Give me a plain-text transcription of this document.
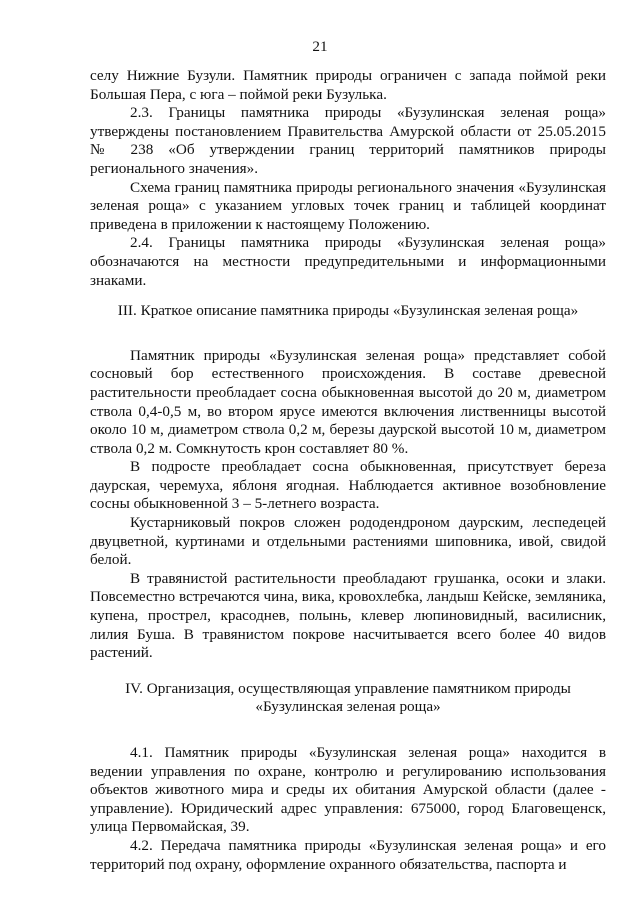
21

селу Нижние Бузули. Памятник природы ограничен с запада поймой реки Большая Пера, с юга – поймой реки Бузулька.

2.3. Границы памятника природы «Бузулинская зеленая роща» утверждены постановлением Правительства Амурской области от 25.05.2015 № 238 «Об утверждении границ территорий памятников природы регионального значения».

Схема границ памятника природы регионального значения «Бузулинская зеленая роща» с указанием угловых точек границ и таблицей координат приведена в приложении к настоящему Положению.

2.4. Границы памятника природы «Бузулинская зеленая роща» обозначаются на местности предупредительными и информационными знаками.

III. Краткое описание памятника природы «Бузулинская зеленая роща»

Памятник природы «Бузулинская зеленая роща» представляет собой сосновый бор естественного происхождения. В составе древесной растительности преобладает сосна обыкновенная высотой до 20 м, диаметром ствола 0,4-0,5 м, во втором ярусе имеются включения лиственницы высотой около 10 м, диаметром ствола 0,2 м, березы даурской высотой 10 м, диаметром ствола 0,2 м. Сомкнутость крон составляет 80 %.

В подросте преобладает сосна обыкновенная, присутствует береза даурская, черемуха, яблоня ягодная. Наблюдается активное возобновление сосны обыкновенной 3 – 5-летнего возраста.

Кустарниковый покров сложен рододендроном даурским, леспедецей двуцветной, куртинами и отдельными растениями шиповника, ивой, свидой белой.

В травянистой растительности преобладают грушанка, осоки и злаки. Повсеместно встречаются чина, вика, кровохлебка, ландыш Кейске, земляника, купена, прострел, красоднев, полынь, клевер люпиновидный, василисник, лилия Буша. В травянистом покрове насчитывается всего более 40 видов растений.

IV. Организация, осуществляющая управление памятником природы
«Бузулинская зеленая роща»

4.1. Памятник природы «Бузулинская зеленая роща» находится в ведении управления по охране, контролю и регулированию использования объектов животного мира и среды их обитания Амурской области (далее - управление). Юридический адрес управления: 675000, город Благовещенск, улица Первомайская, 39.

4.2. Передача памятника природы «Бузулинская зеленая роща» и его территорий под охрану, оформление охранного обязательства, паспорта и
